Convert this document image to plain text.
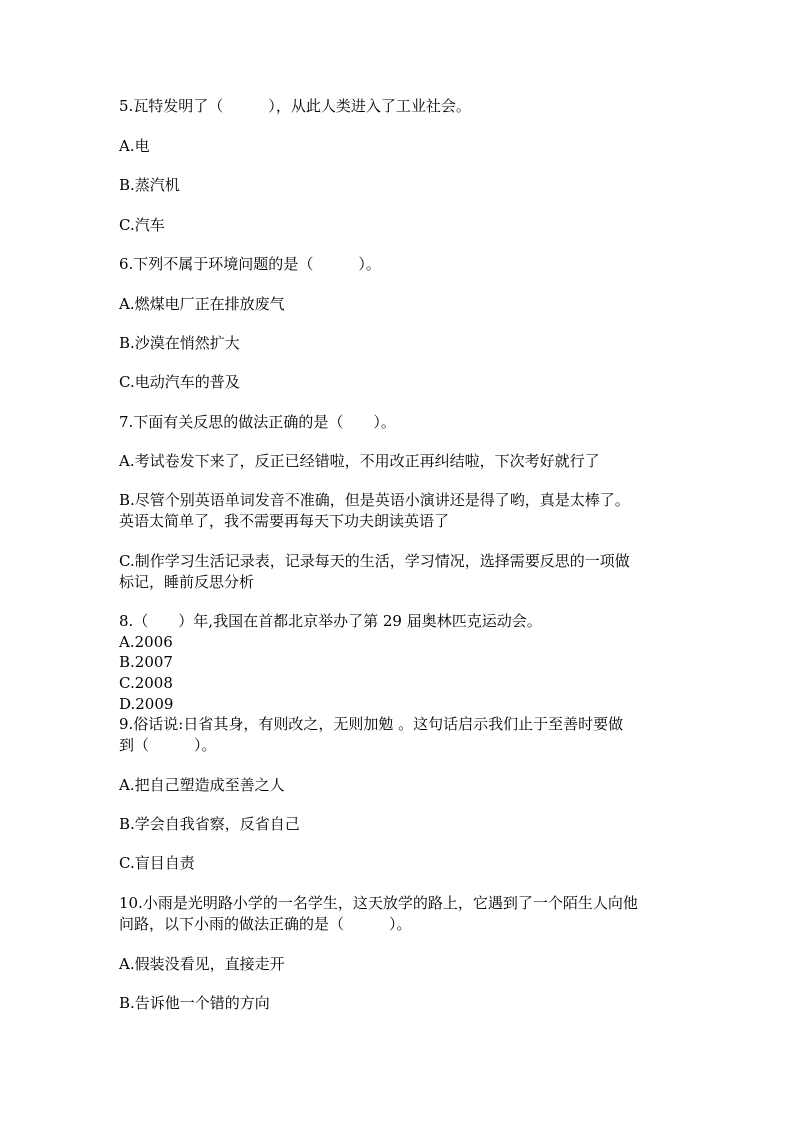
5.瓦特发明了（　　　），从此人类进入了工业社会。

A.电

B.蒸汽机

C.汽车

6.下列不属于环境问题的是（　　　）。

A.燃煤电厂正在排放废气

B.沙漠在悄然扩大

C.电动汽车的普及

7.下面有关反思的做法正确的是（　　）。

A.考试卷发下来了，反正已经错啦，不用改正再纠结啦，下次考好就行了

B.尽管个别英语单词发音不准确，但是英语小演讲还是得了哟，真是太棒了。

英语太简单了，我不需要再每天下功夫朗读英语了

C.制作学习生活记录表，记录每天的生活，学习情况，选择需要反思的一项做

标记，睡前反思分析

8.（　　）年,我国在首都北京举办了第 29 届奥林匹克运动会。

A.2006

B.2007

C.2008

D.2009

9.俗话说:日省其身，有则改之，无则加勉 。这句话启示我们止于至善时要做

到（　　　）。

A.把自己塑造成至善之人

B.学会自我省察，反省自己

C.盲目自责

10.小雨是光明路小学的一名学生，这天放学的路上，它遇到了一个陌生人向他

问路，以下小雨的做法正确的是（　　　）。

A.假装没看见，直接走开

B.告诉他一个错的方向
